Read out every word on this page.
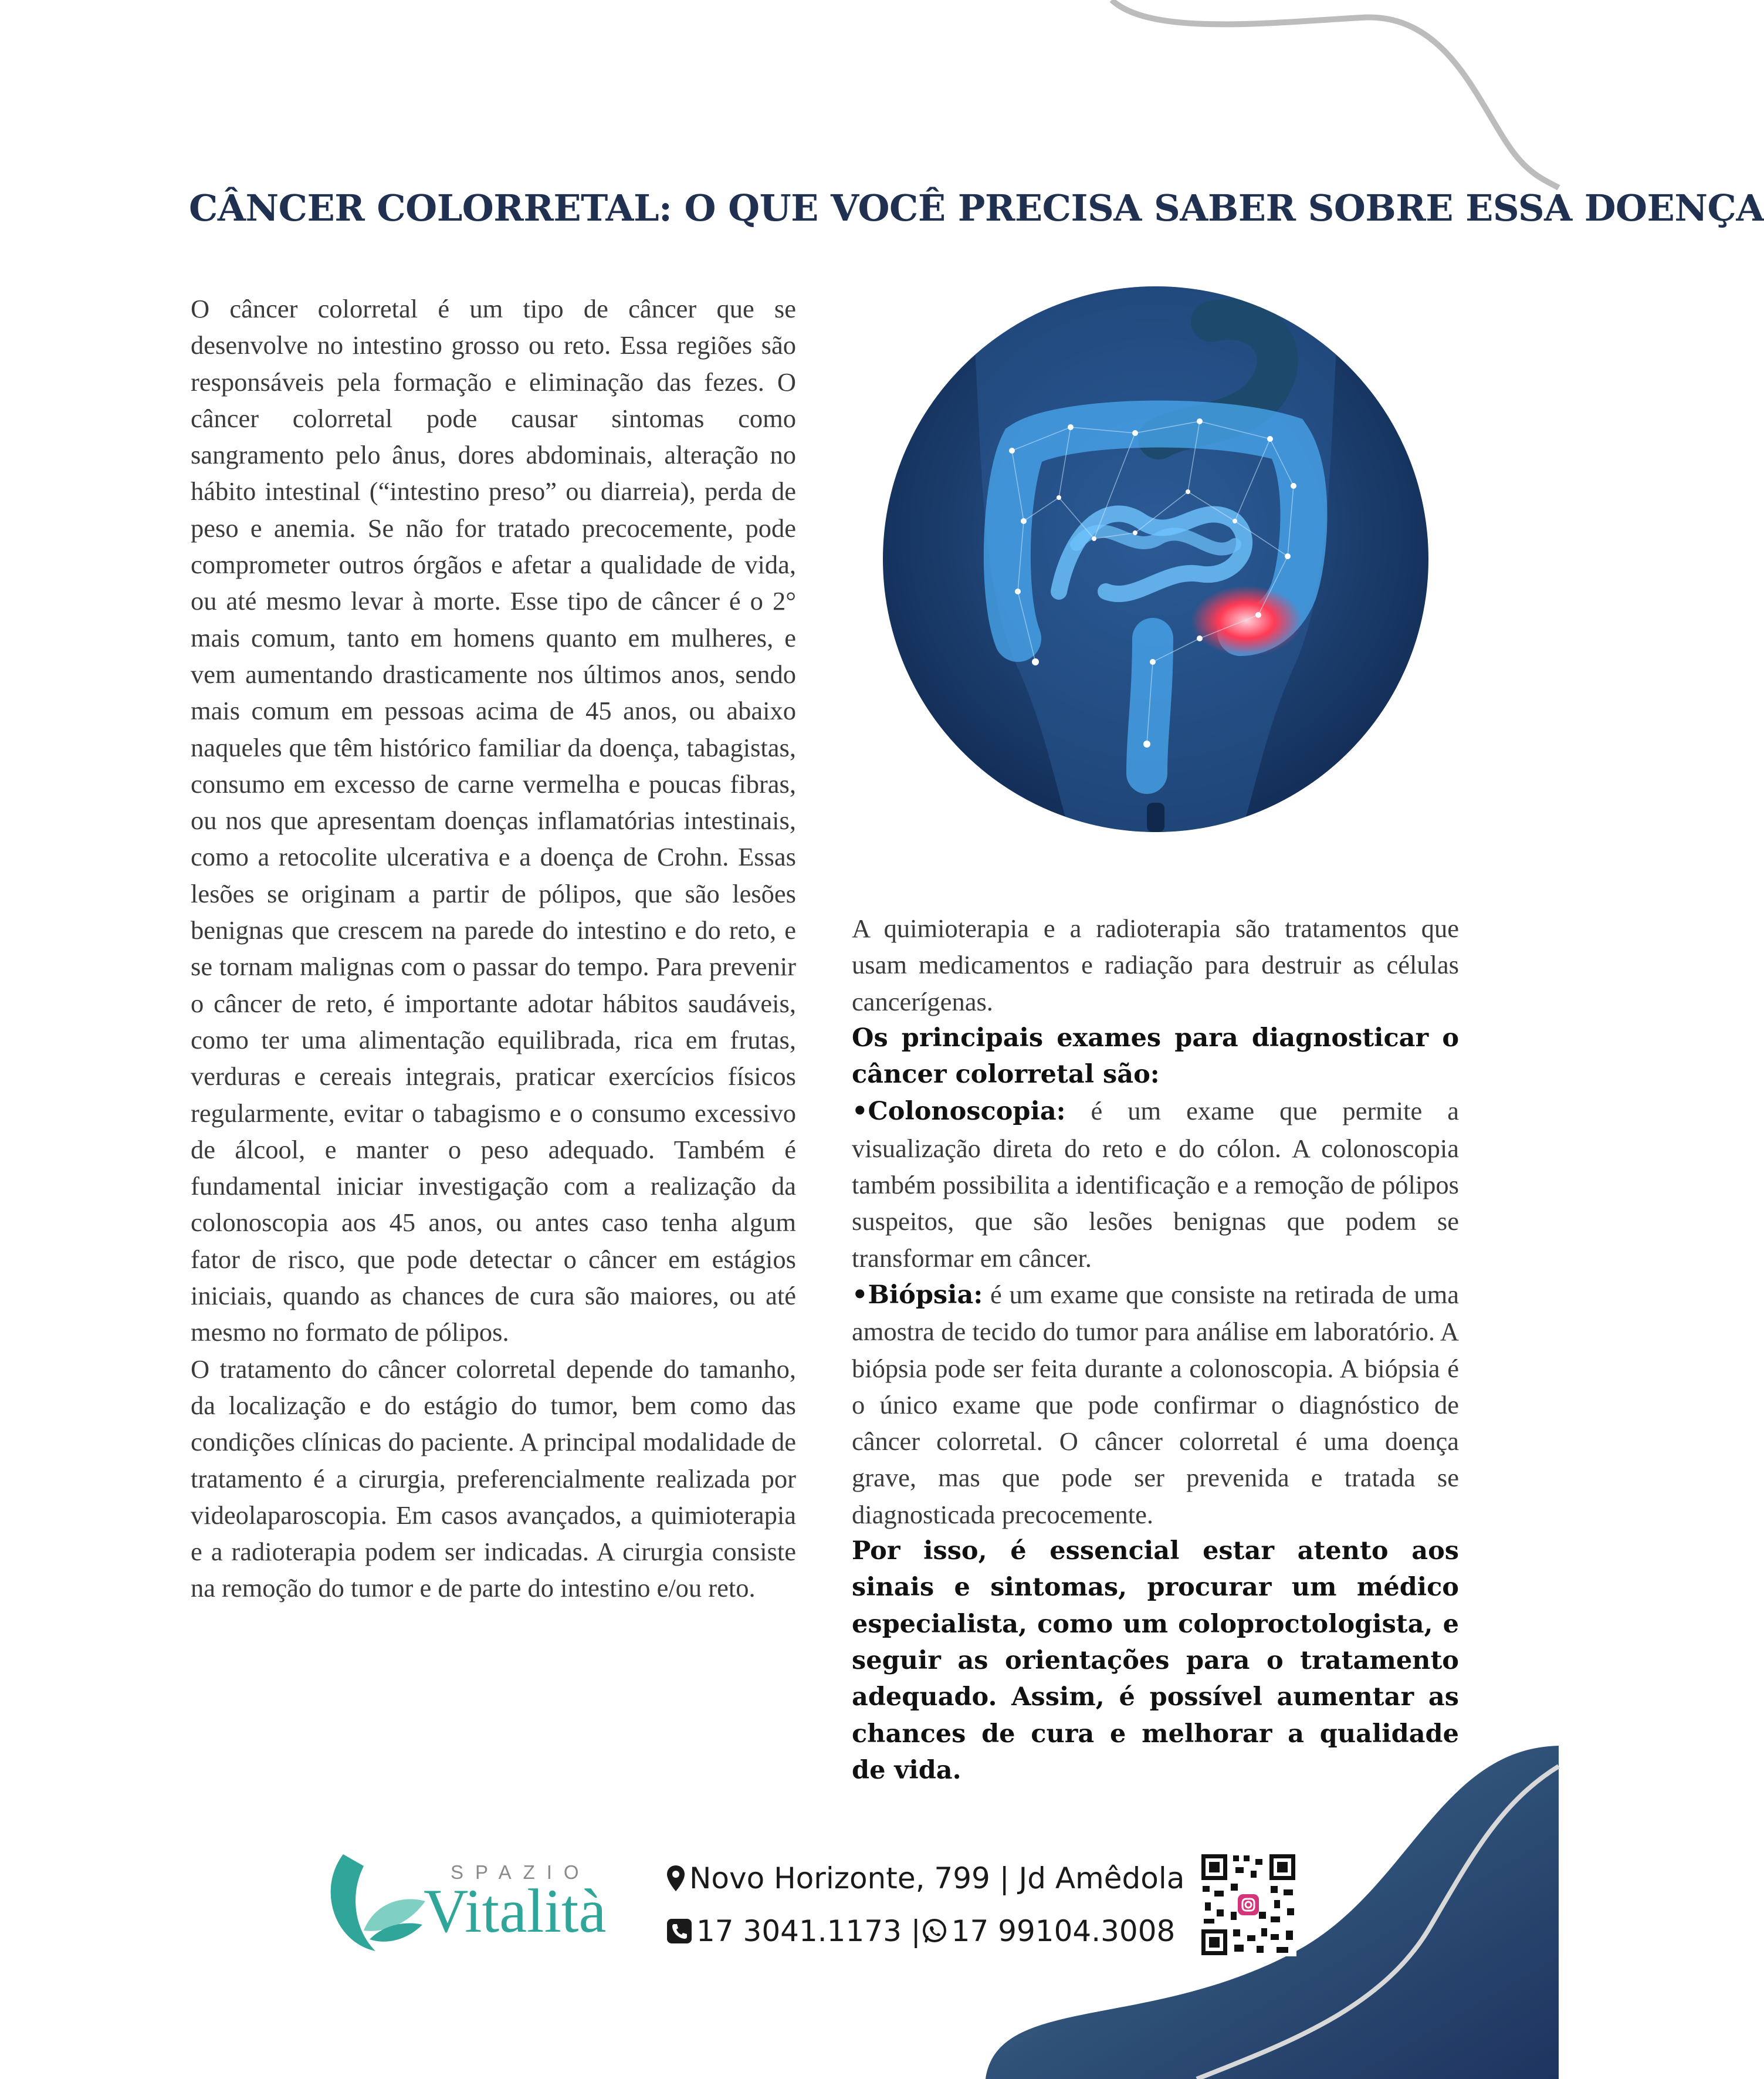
CÂNCER COLORRETAL: O QUE VOCÊ PRECISA SABER SOBRE ESSA DOENÇA

O câncer colorretal é um tipo de câncer que se desenvolve no intestino grosso ou reto. Essa regiões são responsáveis pela formação e eliminação das fezes. O câncer colorretal pode causar sintomas como sangramento pelo ânus, dores abdominais, alteração no hábito intestinal (“intestino preso” ou diarreia), perda de peso e anemia. Se não for tratado precocemente, pode comprometer outros órgãos e afetar a qualidade de vida, ou até mesmo levar à morte. Esse tipo de câncer é o 2° mais comum, tanto em homens quanto em mulheres, e vem aumentando drasticamente nos últimos anos, sendo mais comum em pessoas acima de 45 anos, ou abaixo naqueles que têm histórico familiar da doença, tabagistas, consumo em excesso de carne vermelha e poucas fibras, ou nos que apresentam doenças inflamatórias intestinais, como a retocolite ulcerativa e a doença de Crohn. Essas lesões se originam a partir de pólipos, que são lesões benignas que crescem na parede do intestino e do reto, e se tornam malignas com o passar do tempo. Para prevenir o câncer de reto, é importante adotar hábitos saudáveis, como ter uma alimentação equilibrada, rica em frutas, verduras e cereais integrais, praticar exercícios físicos regularmente, evitar o tabagismo e o consumo excessivo de álcool, e manter o peso adequado. Também é fundamental iniciar investigação com a realização da colonoscopia aos 45 anos, ou antes caso tenha algum fator de risco, que pode detectar o câncer em estágios iniciais, quando as chances de cura são maiores, ou até mesmo no formato de pólipos.

O tratamento do câncer colorretal depende do tamanho, da localização e do estágio do tumor, bem como das condições clínicas do paciente. A principal modalidade de tratamento é a cirurgia, preferencialmente realizada por videolaparoscopia. Em casos avançados, a quimioterapia e a radioterapia podem ser indicadas. A cirurgia consiste na remoção do tumor e de parte do intestino e/ou reto.

A quimioterapia e a radioterapia são tratamentos que usam medicamentos e radiação para destruir as células cancerígenas.

Os principais exames para diagnosticar o câncer colorretal são:

•Colonoscopia: é um exame que permite a visualização direta do reto e do cólon. A colonoscopia também possibilita a identificação e a remoção de pólipos suspeitos, que são lesões benignas que podem se transformar em câncer.

•Biópsia: é um exame que consiste na retirada de uma amostra de tecido do tumor para análise em laboratório. A biópsia pode ser feita durante a colonoscopia. A biópsia é o único exame que pode confirmar o diagnóstico de câncer colorretal. O câncer colorretal é uma doença grave, mas que pode ser prevenida e tratada se diagnosticada precocemente.

Por isso, é essencial estar atento aos sinais e sintomas, procurar um médico especialista, como um coloproctologista, e seguir as orientações para o tratamento adequado. Assim, é possível aumentar as chances de cura e melhorar a qualidade de vida.

SPAZIO
Vitalità	Novo Horizonte, 799 | Jd Amêdola
17 3041.1173 | 17 99104.3008
